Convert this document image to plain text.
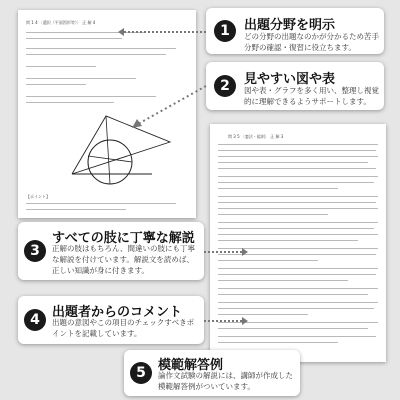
問 1 4 〔選択（平面図形等）〕 正 解 4
【ポイント】
問 3 5 〔憲法・総則〕 正 解 3
1	出題分野を明示
どの分野の出題なのかが分かるため苦手分野の確認・復習に役立ちます。
2	見やすい図や表
図や表・グラフを多く用い、整理し視覚的に理解できるようサポートします。
3
すべての肢に丁寧な解説
正解の肢はもちろん、間違いの肢にも丁寧な解説を付けています。解説文を読めば、正しい知識が身に付きます。
4 出題者からのコメント
出題の意図やこの項目のチェックすべきポイントを記載しています。
5 模範解答例
論作文試験の解説には、講師が作成した模範解答例がついています。
